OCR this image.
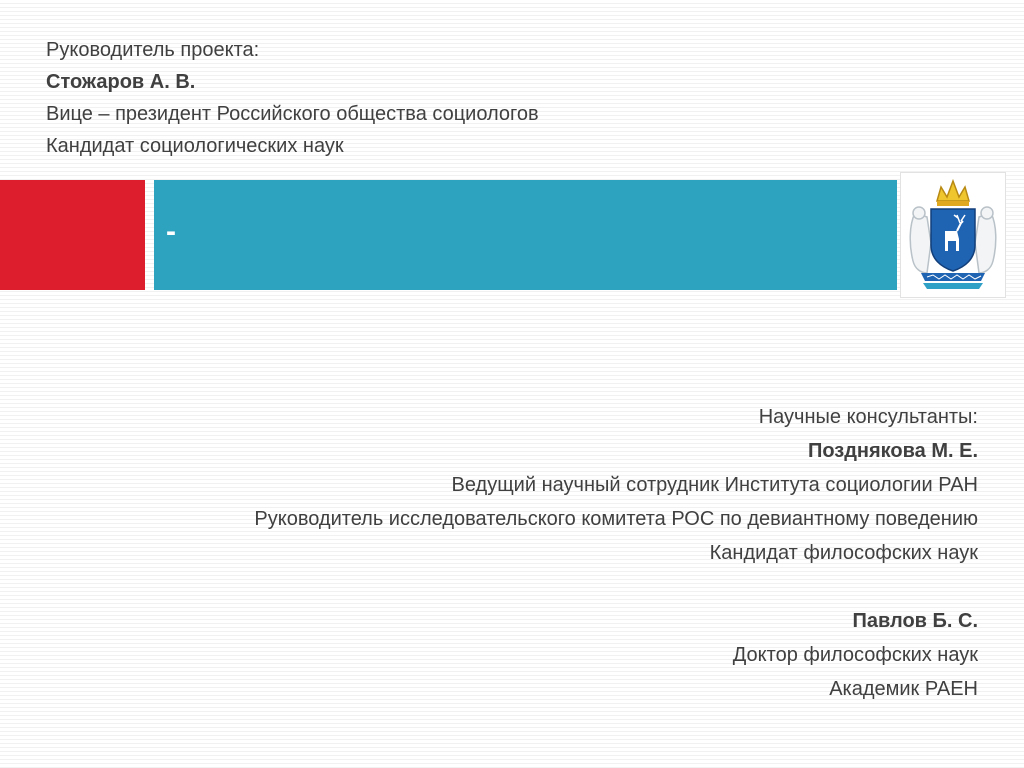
Руководитель проекта:
Стожаров А. В.
Вице – президент Российского общества социологов
Кандидат социологических наук
-
Научные консультанты:
Позднякова М. Е.
Ведущий научный сотрудник Института социологии РАН
Руководитель исследовательского комитета РОС по девиантному поведению
Кандидат философских наук
Павлов Б. С.
Доктор философских наук
Академик РАЕН
